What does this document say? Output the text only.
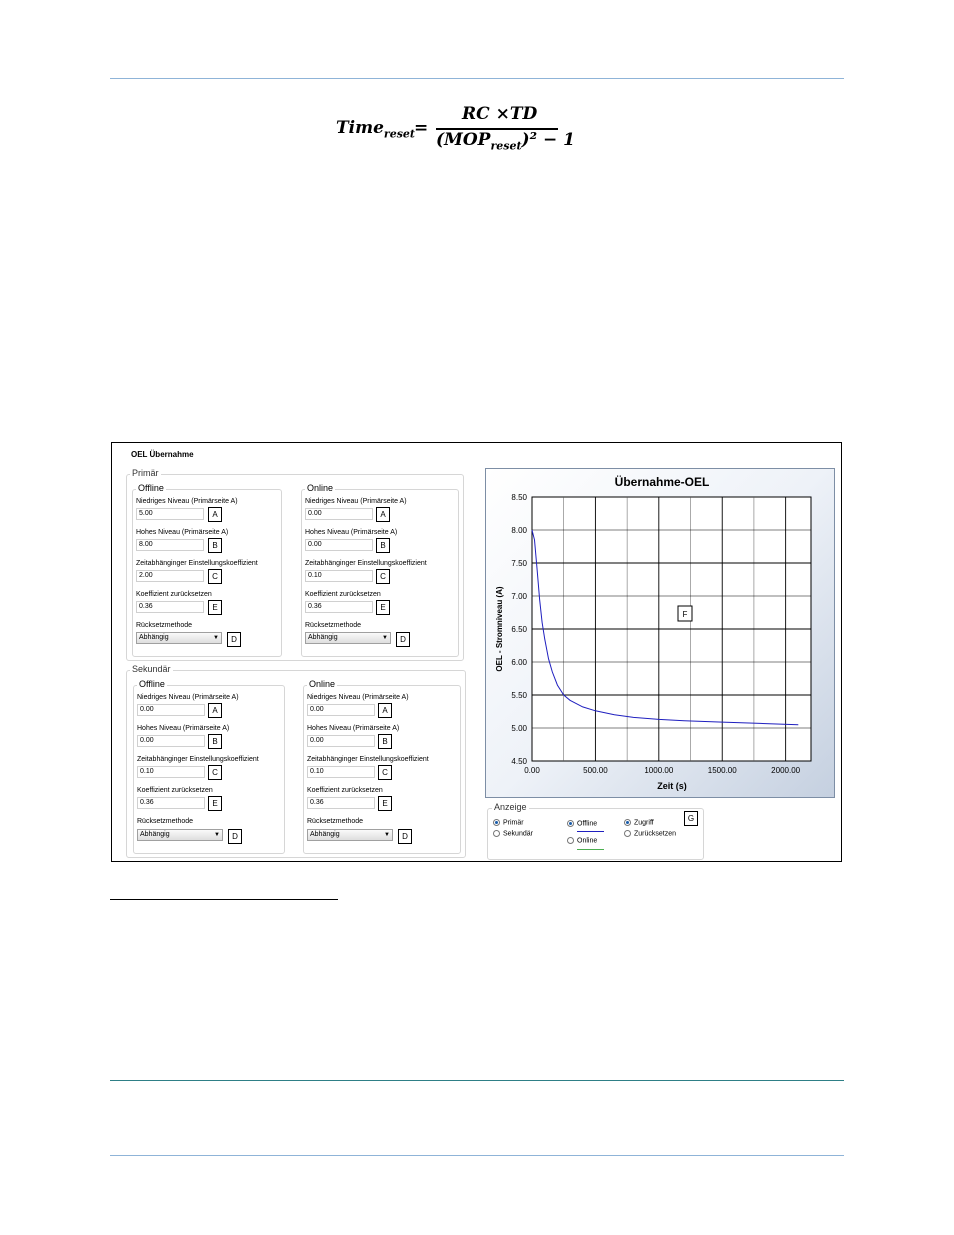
Time$_{reset}$ =
RC ×TD
$(MOP_{reset})^2 - 1$
OEL Übernahme
Primär
Offline
Niedriges Niveau (Primärseite A)
5.00	A
Hohes Niveau (Primärseite A)
8.00	B
Zeitabhänginger Einstellungskoeffizient
2.00	C
Koeffizient zurücksetzen
0.36	E
Rücksetzmethode
Abhängig	▼	D
Online
Niedriges Niveau (Primärseite A)
0.00	A
Hohes Niveau (Primärseite A)
0.00	B
Zeitabhänginger Einstellungskoeffizient
0.10	C
Koeffizient zurücksetzen
0.36	E
Rücksetzmethode
Abhängig	▼	D
Sekundär
Offline
Niedriges Niveau (Primärseite A)
0.00	A
Hohes Niveau (Primärseite A)
0.00	B
Zeitabhänginger Einstellungskoeffizient
0.10	C
Koeffizient zurücksetzen
0.36	E
Rücksetzmethode
Abhängig	▼	D
Online
Niedriges Niveau (Primärseite A)
0.00	A
Hohes Niveau (Primärseite A)
0.00	B
Zeitabhänginger Einstellungskoeffizient
0.10	C
Koeffizient zurücksetzen
0.36	E
Rücksetzmethode
Abhängig	▼	D
Übernahme-OEL
Zeit (s)
OEL - Stromniveau (A)
8.50
8.00
7.50
7.00
6.50
6.00
5.50
5.00
4.50
0.00	500.00	1000.00	1500.00	2000.00
F
G
Anzeige
Primär
Sekundär
Offline
Online
Zugriff
Zurücksetzen
